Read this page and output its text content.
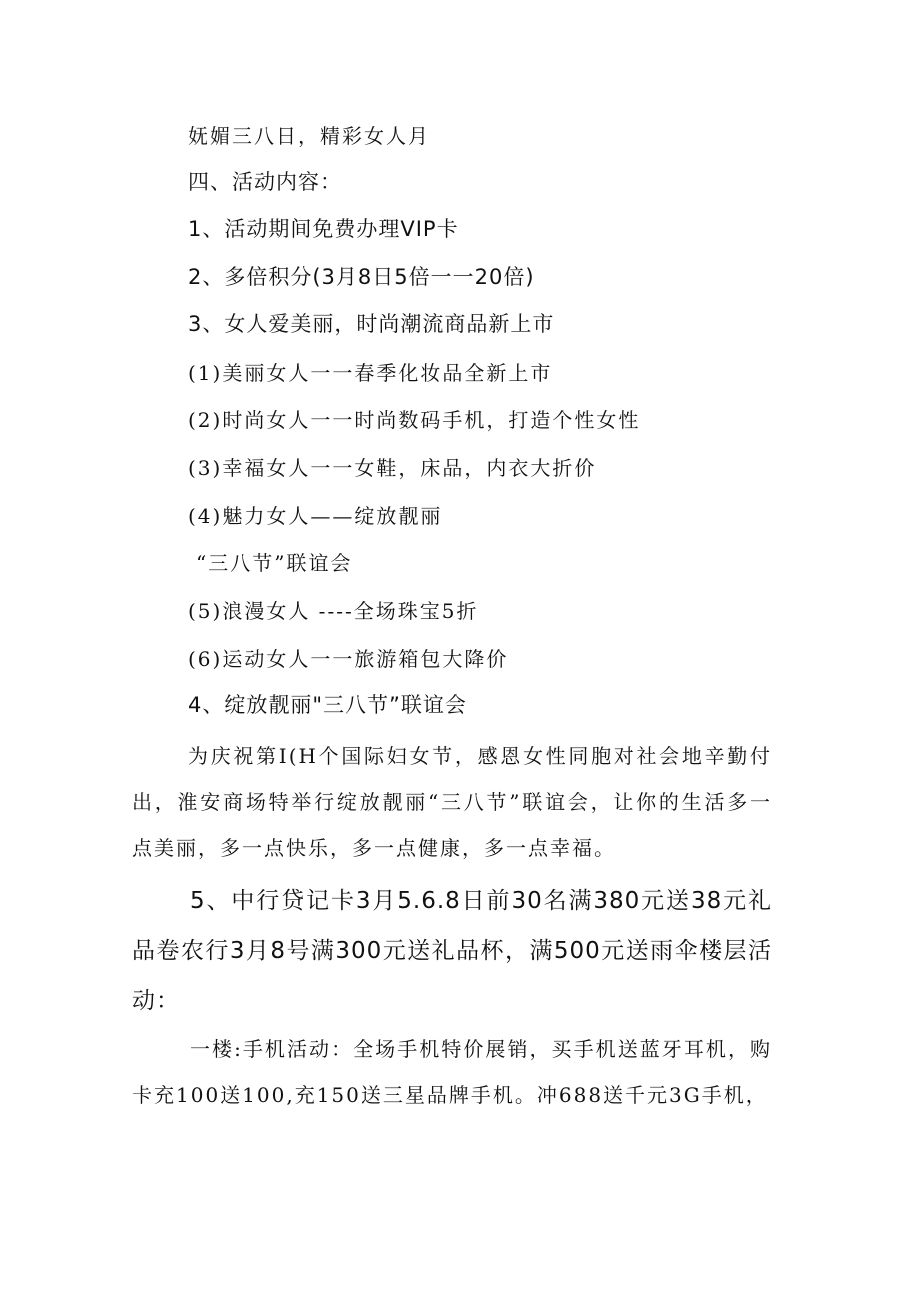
妩媚三八日，精彩女人月
四、活动内容：
1、活动期间免费办理VIP卡
2、多倍积分(3月8日5倍一一20倍)
3、女人爱美丽，时尚潮流商品新上市
(1)美丽女人一一春季化妆品全新上市
(2)时尚女人一一时尚数码手机，打造个性女性
(3)幸福女人一一女鞋，床品，内衣大折价
(4)魅力女人——绽放靓丽
“三八节”联谊会
(5)浪漫女人 ----全场珠宝5折
(6)运动女人一一旅游箱包大降价
4、绽放靓丽"三八节”联谊会
为庆祝第I(H个国际妇女节，感恩女性同胞对社会地辛勤付出，淮安商场特举行绽放靓丽“三八节”联谊会，让你的生活多一点美丽，多一点快乐，多一点健康，多一点幸福。
5、中行贷记卡3月5.6.8日前30名满380元送38元礼品卷农行3月8号满300元送礼品杯，满500元送雨伞楼层活动：
一楼:手机活动：全场手机特价展销，买手机送蓝牙耳机，购卡充100送100,充150送三星品牌手机。冲688送千元3G手机，
